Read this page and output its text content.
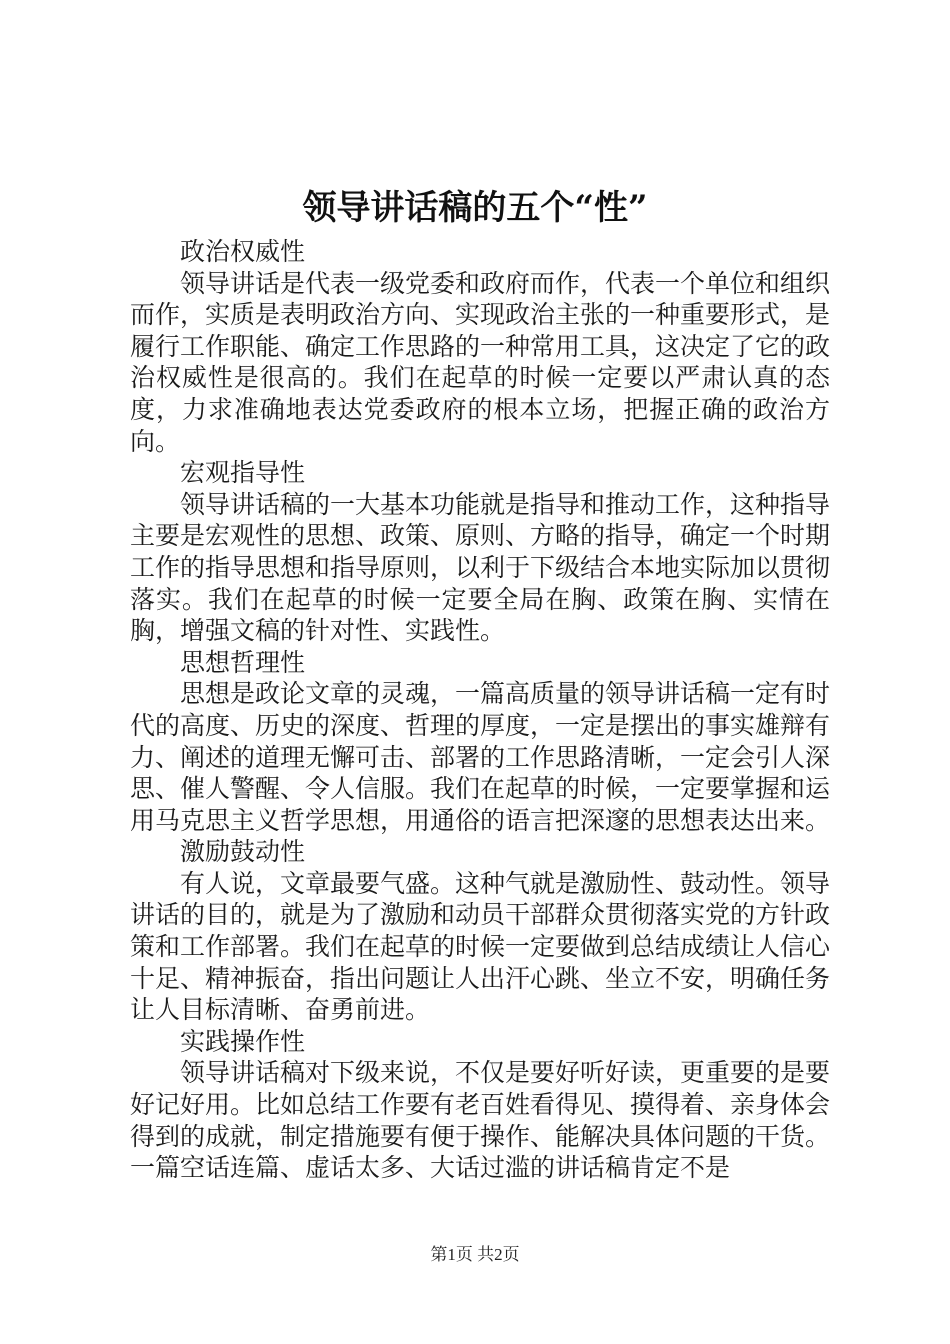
领导讲话稿的五个“性”

政治权威性

领导讲话是代表一级党委和政府而作，代表一个单位和组织而作，实质是表明政治方向、实现政治主张的一种重要形式，是履行工作职能、确定工作思路的一种常用工具，这决定了它的政治权威性是很高的。我们在起草的时候一定要以严肃认真的态度，力求准确地表达党委政府的根本立场，把握正确的政治方向。

宏观指导性

领导讲话稿的一大基本功能就是指导和推动工作，这种指导主要是宏观性的思想、政策、原则、方略的指导，确定一个时期工作的指导思想和指导原则，以利于下级结合本地实际加以贯彻落实。我们在起草的时候一定要全局在胸、政策在胸、实情在胸，增强文稿的针对性、实践性。

思想哲理性

思想是政论文章的灵魂，一篇高质量的领导讲话稿一定有时代的高度、历史的深度、哲理的厚度，一定是摆出的事实雄辩有力、阐述的道理无懈可击、部署的工作思路清晰，一定会引人深思、催人警醒、令人信服。我们在起草的时候，一定要掌握和运用马克思主义哲学思想，用通俗的语言把深邃的思想表达出来。

激励鼓动性

有人说，文章最要气盛。这种气就是激励性、鼓动性。领导讲话的目的，就是为了激励和动员干部群众贯彻落实党的方针政策和工作部署。我们在起草的时候一定要做到总结成绩让人信心十足、精神振奋，指出问题让人出汗心跳、坐立不安，明确任务让人目标清晰、奋勇前进。

实践操作性

领导讲话稿对下级来说，不仅是要好听好读，更重要的是要好记好用。比如总结工作要有老百姓看得见、摸得着、亲身体会得到的成就，制定措施要有便于操作、能解决具体问题的干货。一篇空话连篇、虚话太多、大话过滥的讲话稿肯定不是

第1页 共2页
